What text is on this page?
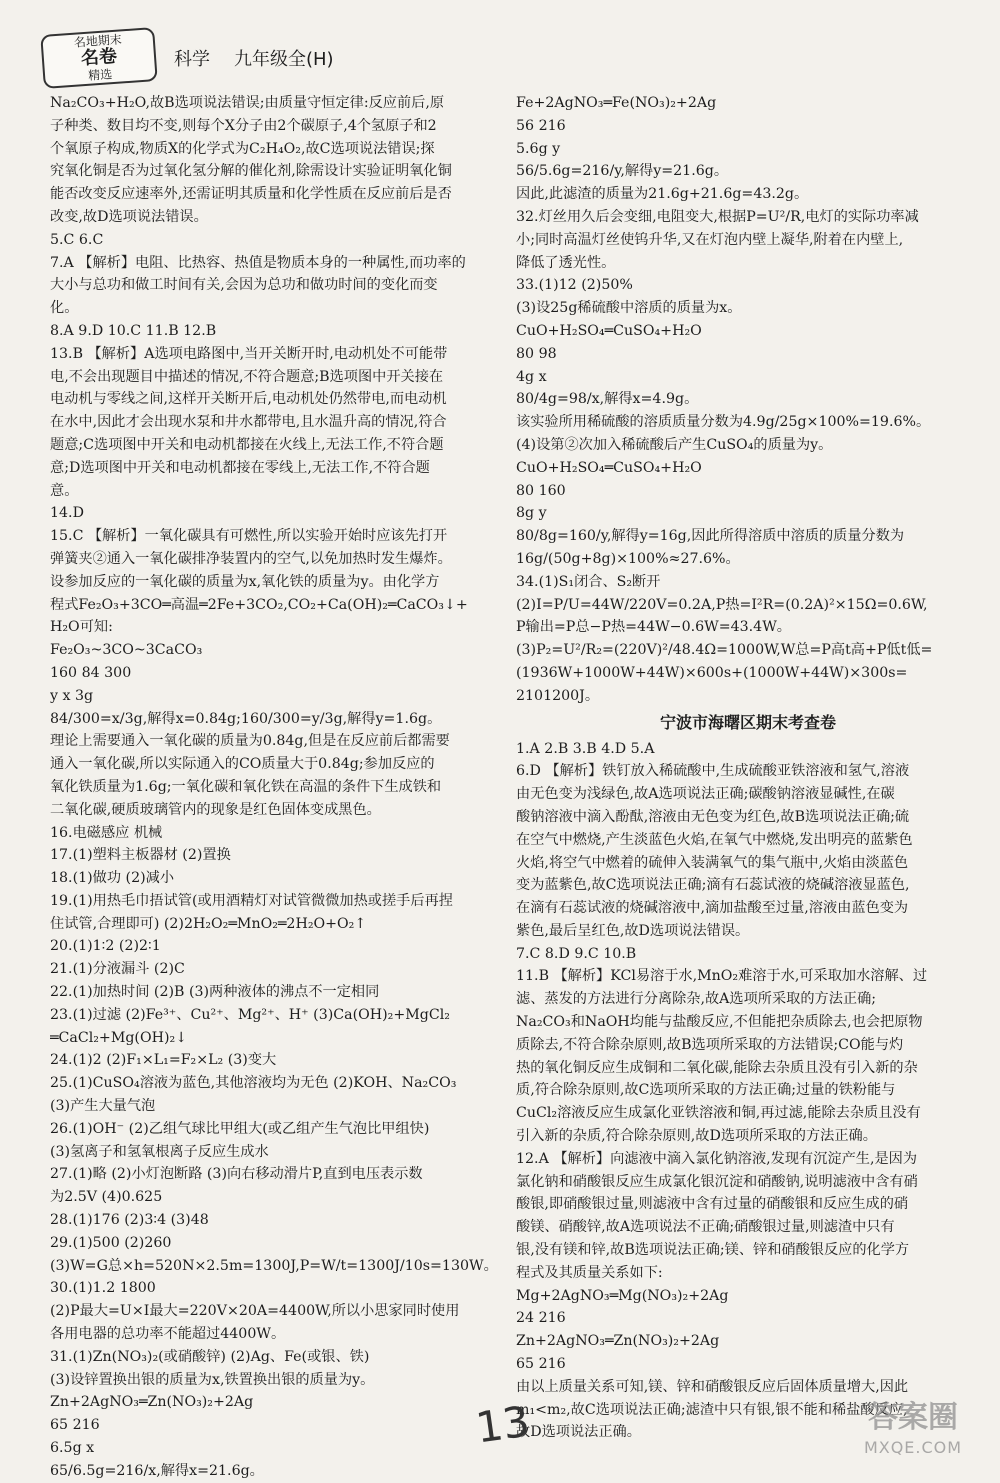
名地期末
名卷
精选
科学 九年级全(H)
Na₂CO₃+H₂O,故B选项说法错误;由质量守恒定律:反应前后,原
子种类、数目均不变,则每个X分子由2个碳原子,4个氢原子和2
个氧原子构成,物质X的化学式为C₂H₄O₂,故C选项说法错误;探
究氧化铜是否为过氧化氢分解的催化剂,除需设计实验证明氧化铜
能否改变反应速率外,还需证明其质量和化学性质在反应前后是否
改变,故D选项说法错误。
5.C 6.C
7.A 【解析】电阻、比热容、热值是物质本身的一种属性,而功率的
大小与总功和做工时间有关,会因为总功和做功时间的变化而变
化。
8.A 9.D 10.C 11.B 12.B
13.B 【解析】A选项电路图中,当开关断开时,电动机处不可能带
电,不会出现题目中描述的情况,不符合题意;B选项图中开关接在
电动机与零线之间,这样开关断开后,电动机处仍然带电,而电动机
在水中,因此才会出现水泵和井水都带电,且水温升高的情况,符合
题意;C选项图中开关和电动机都接在火线上,无法工作,不符合题
意;D选项图中开关和电动机都接在零线上,无法工作,不符合题
意。
14.D
15.C 【解析】一氧化碳具有可燃性,所以实验开始时应该先打开
弹簧夹②通入一氧化碳排净装置内的空气,以免加热时发生爆炸。
设参加反应的一氧化碳的质量为x,氧化铁的质量为y。由化学方
程式Fe₂O₃+3CO═高温═2Fe+3CO₂,CO₂+Ca(OH)₂═CaCO₃↓+
H₂O可知:
Fe₂O₃~3CO~3CaCO₃
160 84 300
y x 3g
84/300=x/3g,解得x=0.84g;160/300=y/3g,解得y=1.6g。
理论上需要通入一氧化碳的质量为0.84g,但是在反应前后都需要
通入一氧化碳,所以实际通入的CO质量大于0.84g;参加反应的
氧化铁质量为1.6g;一氧化碳和氧化铁在高温的条件下生成铁和
二氧化碳,硬质玻璃管内的现象是红色固体变成黑色。
16.电磁感应 机械
17.(1)塑料主板器材 (2)置换
18.(1)做功 (2)减小
19.(1)用热毛巾捂试管(或用酒精灯对试管微微加热或搓手后再捏
住试管,合理即可) (2)2H₂O₂═MnO₂═2H₂O+O₂↑
20.(1)1∶2 (2)2∶1
21.(1)分液漏斗 (2)C
22.(1)加热时间 (2)B (3)两种液体的沸点不一定相同
23.(1)过滤 (2)Fe³⁺、Cu²⁺、Mg²⁺、H⁺ (3)Ca(OH)₂+MgCl₂
═CaCl₂+Mg(OH)₂↓
24.(1)2 (2)F₁×L₁=F₂×L₂ (3)变大
25.(1)CuSO₄溶液为蓝色,其他溶液均为无色 (2)KOH、Na₂CO₃
(3)产生大量气泡
26.(1)OH⁻ (2)乙组气球比甲组大(或乙组产生气泡比甲组快)
(3)氢离子和氢氧根离子反应生成水
27.(1)略 (2)小灯泡断路 (3)向右移动滑片P,直到电压表示数
为2.5V (4)0.625
28.(1)176 (2)3∶4 (3)48
29.(1)500 (2)260
(3)W=G总×h=520N×2.5m=1300J,P=W/t=1300J/10s=130W。
30.(1)1.2 1800
(2)P最大=U×I最大=220V×20A=4400W,所以小思家同时使用
各用电器的总功率不能超过4400W。
31.(1)Zn(NO₃)₂(或硝酸锌) (2)Ag、Fe(或银、铁)
(3)设锌置换出银的质量为x,铁置换出银的质量为y。
Zn+2AgNO₃═Zn(NO₃)₂+2Ag
65 216
6.5g x
65/6.5g=216/x,解得x=21.6g。
Fe+2AgNO₃═Fe(NO₃)₂+2Ag
56 216
5.6g y
56/5.6g=216/y,解得y=21.6g。
因此,此滤渣的质量为21.6g+21.6g=43.2g。
32.灯丝用久后会变细,电阻变大,根据P=U²/R,电灯的实际功率减
小;同时高温灯丝使钨升华,又在灯泡内壁上凝华,附着在内壁上,
降低了透光性。
33.(1)12 (2)50%
(3)设25g稀硫酸中溶质的质量为x。
CuO+H₂SO₄═CuSO₄+H₂O
80 98
4g x
80/4g=98/x,解得x=4.9g。
该实验所用稀硫酸的溶质质量分数为4.9g/25g×100%=19.6%。
(4)设第②次加入稀硫酸后产生CuSO₄的质量为y。
CuO+H₂SO₄═CuSO₄+H₂O
80 160
8g y
80/8g=160/y,解得y=16g,因此所得溶质中溶质的质量分数为
16g/(50g+8g)×100%≈27.6%。
34.(1)S₁闭合、S₂断开
(2)I=P/U=44W/220V=0.2A,P热=I²R=(0.2A)²×15Ω=0.6W,
P输出=P总−P热=44W−0.6W=43.4W。
(3)P₂=U²/R₂=(220V)²/48.4Ω=1000W,W总=P高t高+P低t低=
(1936W+1000W+44W)×600s+(1000W+44W)×300s=
2101200J。
宁波市海曙区期末考查卷
1.A 2.B 3.B 4.D 5.A
6.D 【解析】铁钉放入稀硫酸中,生成硫酸亚铁溶液和氢气,溶液
由无色变为浅绿色,故A选项说法正确;碳酸钠溶液显碱性,在碳
酸钠溶液中滴入酚酞,溶液由无色变为红色,故B选项说法正确;硫
在空气中燃烧,产生淡蓝色火焰,在氧气中燃烧,发出明亮的蓝紫色
火焰,将空气中燃着的硫伸入装满氧气的集气瓶中,火焰由淡蓝色
变为蓝紫色,故C选项说法正确;滴有石蕊试液的烧碱溶液显蓝色,
在滴有石蕊试液的烧碱溶液中,滴加盐酸至过量,溶液由蓝色变为
紫色,最后呈红色,故D选项说法错误。
7.C 8.D 9.C 10.B
11.B 【解析】KCl易溶于水,MnO₂难溶于水,可采取加水溶解、过
滤、蒸发的方法进行分离除杂,故A选项所采取的方法正确;
Na₂CO₃和NaOH均能与盐酸反应,不但能把杂质除去,也会把原物
质除去,不符合除杂原则,故B选项所采取的方法错误;CO能与灼
热的氧化铜反应生成铜和二氧化碳,能除去杂质且没有引入新的杂
质,符合除杂原则,故C选项所采取的方法正确;过量的铁粉能与
CuCl₂溶液反应生成氯化亚铁溶液和铜,再过滤,能除去杂质且没有
引入新的杂质,符合除杂原则,故D选项所采取的方法正确。
12.A 【解析】向滤液中滴入氯化钠溶液,发现有沉淀产生,是因为
氯化钠和硝酸银反应生成氯化银沉淀和硝酸钠,说明滤液中含有硝
酸银,即硝酸银过量,则滤液中含有过量的硝酸银和反应生成的硝
酸镁、硝酸锌,故A选项说法不正确;硝酸银过量,则滤渣中只有
银,没有镁和锌,故B选项说法正确;镁、锌和硝酸银反应的化学方
程式及其质量关系如下:
Mg+2AgNO₃═Mg(NO₃)₂+2Ag
24 216
Zn+2AgNO₃═Zn(NO₃)₂+2Ag
65 216
由以上质量关系可知,镁、锌和硝酸银反应后固体质量增大,因此
m₁<m₂,故C选项说法正确;滤渣中只有银,银不能和稀盐酸反应,
故D选项说法正确。
13	答案圈
MXQE.COM
